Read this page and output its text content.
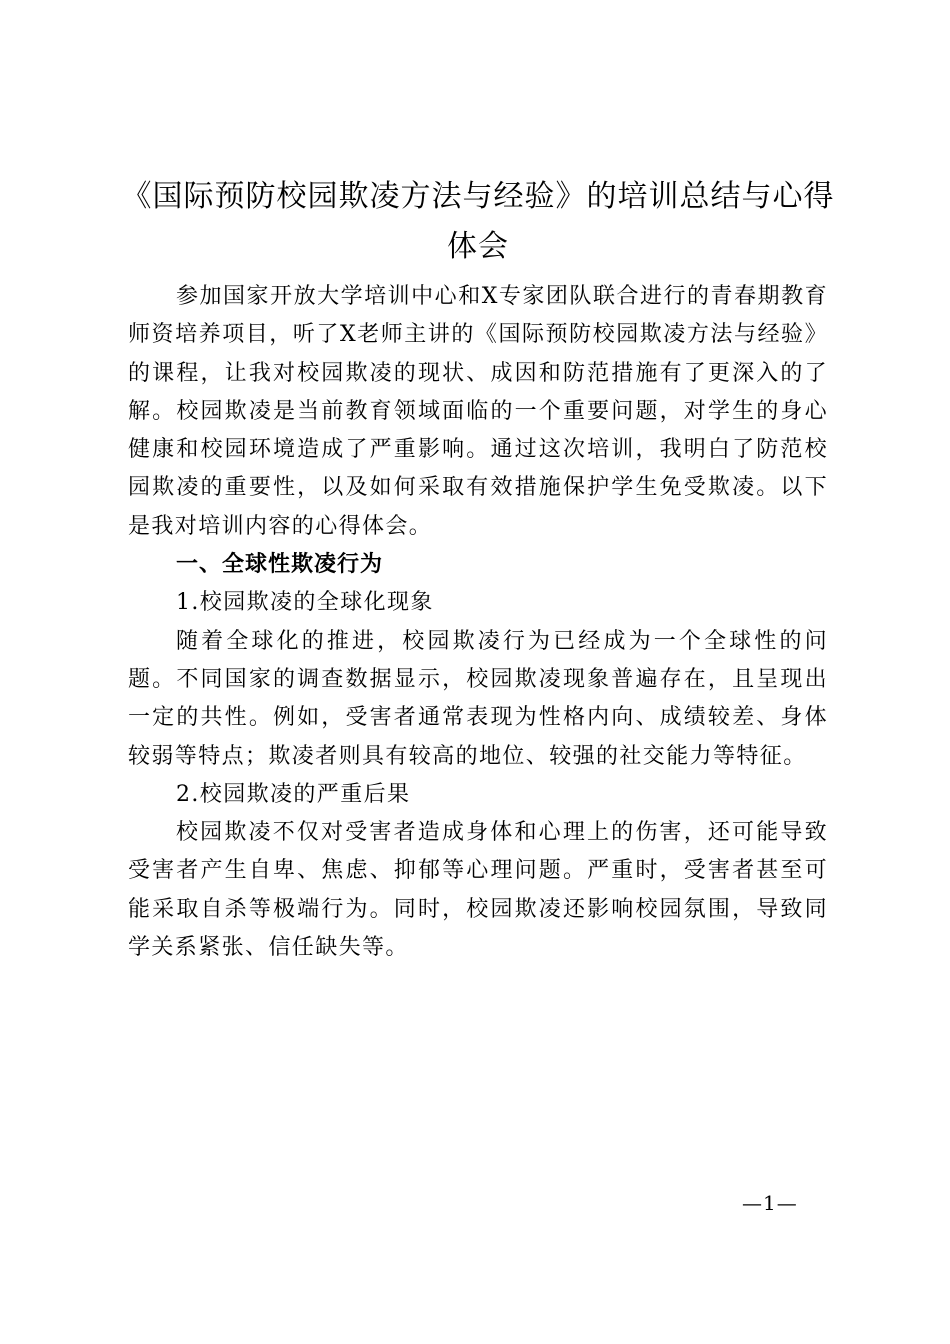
《国际预防校园欺凌方法与经验》的培训总结与心得体会

参加国家开放大学培训中心和X专家团队联合进行的青春期教育师资培养项目，听了X老师主讲的《国际预防校园欺凌方法与经验》的课程，让我对校园欺凌的现状、成因和防范措施有了更深入的了解。校园欺凌是当前教育领域面临的一个重要问题，对学生的身心健康和校园环境造成了严重影响。通过这次培训，我明白了防范校园欺凌的重要性，以及如何采取有效措施保护学生免受欺凌。以下是我对培训内容的心得体会。

一、全球性欺凌行为

1.校园欺凌的全球化现象

随着全球化的推进，校园欺凌行为已经成为一个全球性的问题。不同国家的调查数据显示，校园欺凌现象普遍存在，且呈现出一定的共性。例如，受害者通常表现为性格内向、成绩较差、身体较弱等特点；欺凌者则具有较高的地位、较强的社交能力等特征。

2.校园欺凌的严重后果

校园欺凌不仅对受害者造成身体和心理上的伤害，还可能导致受害者产生自卑、焦虑、抑郁等心理问题。严重时，受害者甚至可能采取自杀等极端行为。同时，校园欺凌还影响校园氛围，导致同学关系紧张、信任缺失等。

—1—
